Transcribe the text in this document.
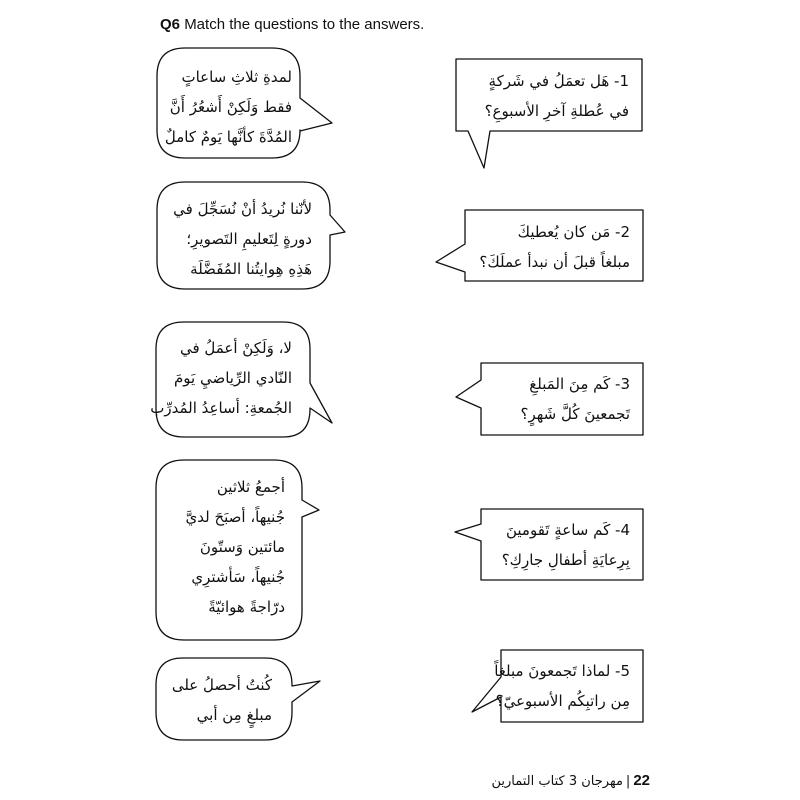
Q6 Match the questions to the answers.
لمدةِ ثلاثِ ساعاتٍ
فقط وَلَكِنْ أَشعُرُ أَنَّ
المُدَّةَ كأنَّها يَومٌ كاملٌ
لأنّنا نُريدُ أنْ نُسَجِّلَ في
دورةٍ لِتَعليمِ التَصويرِ؛
هَذِهِ هِوايتُنا المُفَضَّلَة
لا، وَلَكِنْ أعمَلُ في
النّادي الرِّياضيِ يَومَ
الجُمعةِ: أساعِدُ المُدرِّب
أجمعُ ثلاثين
جُنيهاً، أصبَحَ لديَّ
مائتين وَستّونَ
جُنيهاً، سَأشترِي
درّاجةً هوائيّةً
كُنتُ أحصلُ على
مبلغٍ مِن أبي
1- هَل تعمَلُ في شَركةٍ
في عُطلةِ آخرِ الأسبوعِ؟
2- مَن كان يُعطيكَ
مبلغاً قبلَ أن نبدأ عملَكَ؟
3- كَم مِنَ المَبلغِ
تَجمعينَ كُلَّ شَهرٍ؟
4- كَم ساعةٍ تَقومينَ
بِرِعايَةِ أطفالِ جارِكِ؟
5- لماذا تَجمعونَ مبلغاً
مِن راتبِكُم الأسبوعيّ؟
22|مهرجان 3 كتاب التمارين
